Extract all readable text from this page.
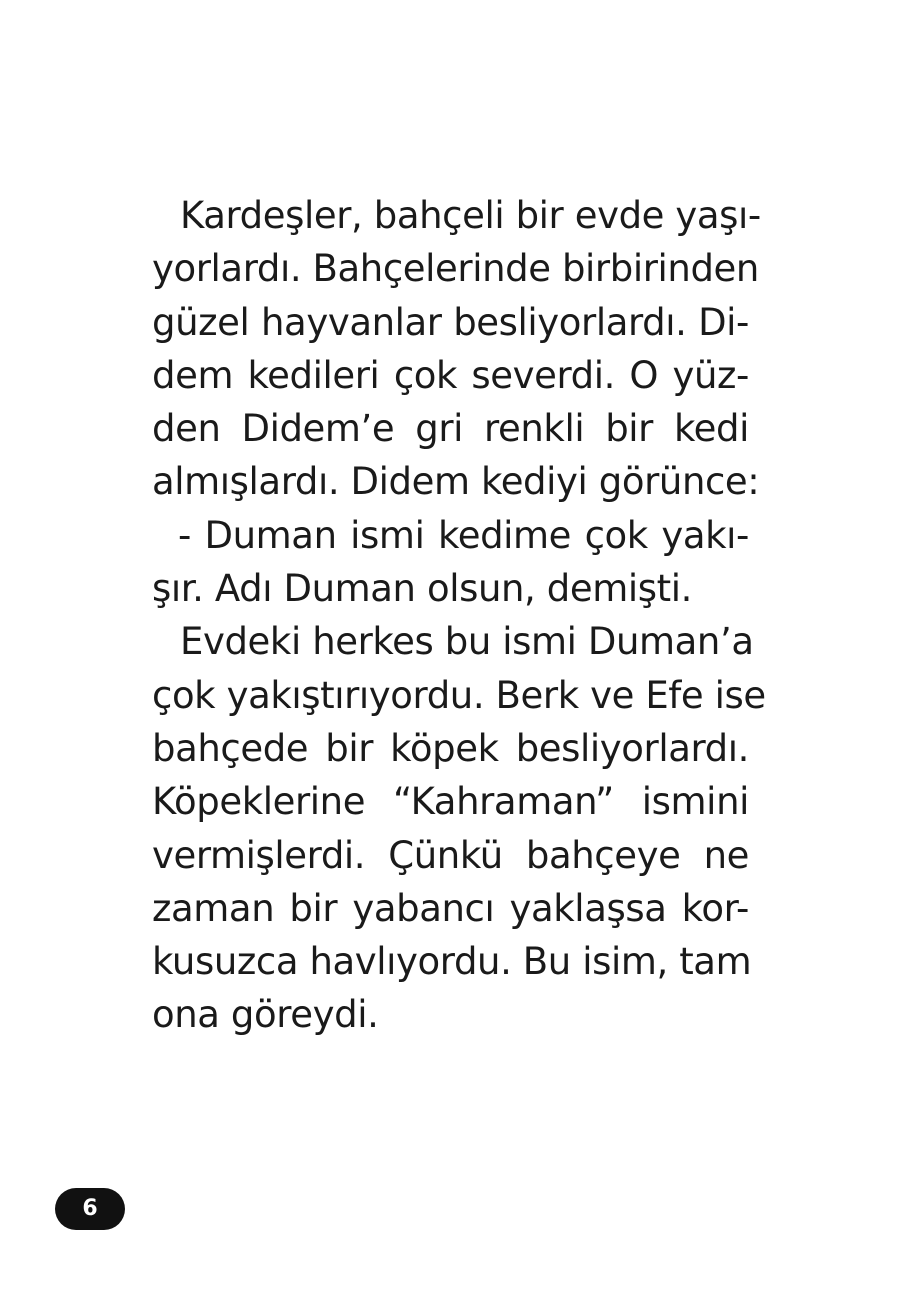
Kardeşler, bahçeli bir evde yaşı-
yorlardı. Bahçelerinde birbirinden
güzel hayvanlar besliyorlardı. Di-
dem kedileri çok severdi. O yüz-
den Didem’e gri renkli bir kedi
almışlardı. Didem kediyi görünce:
- Duman ismi kedime çok yakı-
şır. Adı Duman olsun, demişti.
Evdeki herkes bu ismi Duman’a
çok yakıştırıyordu. Berk ve Efe ise
bahçede bir köpek besliyorlardı.
Köpeklerine “Kahraman” ismini
vermişlerdi. Çünkü bahçeye ne
zaman bir yabancı yaklaşsa kor-
kusuzca havlıyordu. Bu isim, tam
ona göreydi.
6
